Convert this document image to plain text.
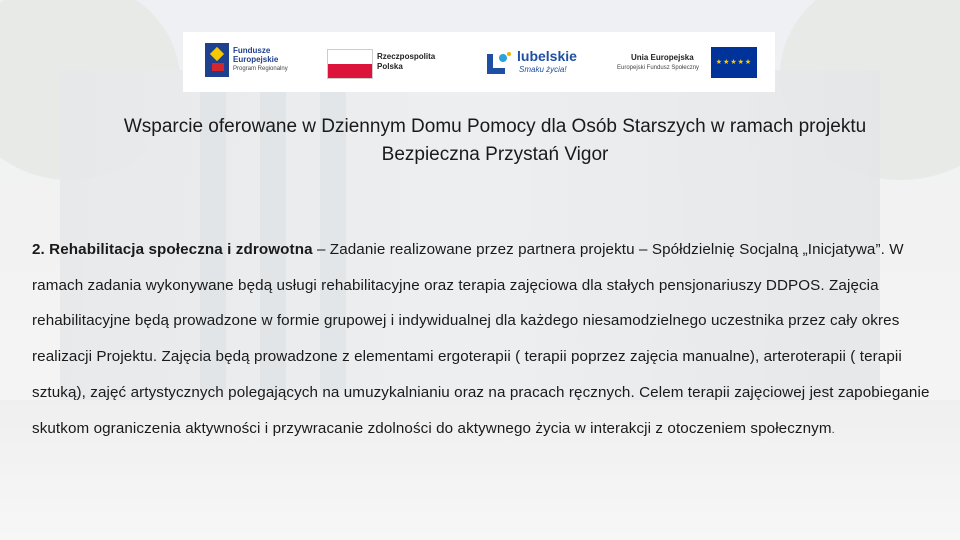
Fundusze
Europejskie
Program Regionalny
Rzeczpospolita
Polska
lubelskie
Smaku życia!
Unia Europejska
Europejski Fundusz Społeczny
★★★★★
Wsparcie oferowane w Dziennym Domu Pomocy dla Osób Starszych w ramach projektu
Bezpieczna Przystań Vigor
2. Rehabilitacja społeczna i zdrowotna – Zadanie realizowane przez partnera projektu – Spółdzielnię Socjalną „Inicjatywa”. W ramach zadania wykonywane będą usługi rehabilitacyjne oraz terapia zajęciowa dla stałych pensjonariuszy DDPOS. Zajęcia rehabilitacyjne będą prowadzone w formie grupowej i indywidualnej dla każdego niesamodzielnego uczestnika przez cały okres realizacji Projektu. Zajęcia będą prowadzone z elementami ergoterapii ( terapii poprzez zajęcia manualne), arteroterapii ( terapii sztuką), zajęć artystycznych polegających na umuzykalnianiu oraz na pracach ręcznych. Celem terapii zajęciowej jest zapobieganie skutkom ograniczenia aktywności i przywracanie zdolności do aktywnego życia w interakcji z otoczeniem społecznym.
